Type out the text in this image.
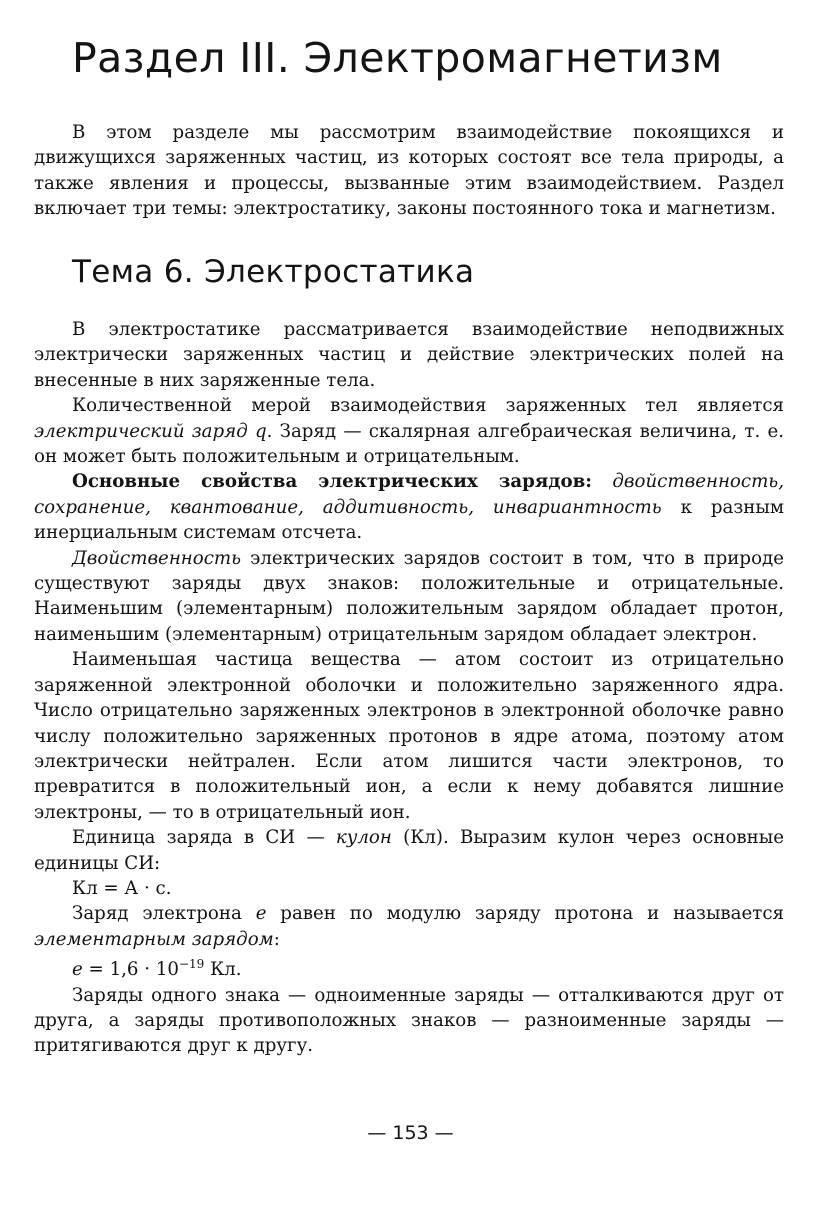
Раздел III. Электромагнетизм

В этом разделе мы рассмотрим взаимодействие покоящихся и движущихся заряженных частиц, из которых состоят все тела природы, а также явления и процессы, вызванные этим взаимодействием. Раздел включает три темы: электростатику, законы постоянного тока и магнетизм.

Тема 6. Электростатика

В электростатике рассматривается взаимодействие неподвижных электрически заряженных частиц и действие электрических полей на внесенные в них заряженные тела.

Количественной мерой взаимодействия заряженных тел является электрический заряд q. Заряд — скалярная алгебраическая величина, т. е. он может быть положительным и отрицательным.

Основные свойства электрических зарядов: двойственность, сохранение, квантование, аддитивность, инвариантность к разным инерциальным системам отсчета.

Двойственность электрических зарядов состоит в том, что в природе существуют заряды двух знаков: положительные и отрицательные. Наименьшим (элементарным) положительным зарядом обладает протон, наименьшим (элементарным) отрицательным зарядом обладает электрон.

Наименьшая частица вещества — атом состоит из отрицательно заряженной электронной оболочки и положительно заряженного ядра. Число отрицательно заряженных электронов в электронной оболочке равно числу положительно заряженных протонов в ядре атома, поэтому атом электрически нейтрален. Если атом лишится части электронов, то превратится в положительный ион, а если к нему добавятся лишние электроны, — то в отрицательный ион.

Единица заряда в СИ — кулон (Кл). Выразим кулон через основные единицы СИ:

Кл = А · с.

Заряд электрона e равен по модулю заряду протона и называется элементарным зарядом:

$e = 1,6 \cdot 10^{-19}$ Кл.

Заряды одного знака — одноименные заряды — отталкиваются друг от друга, а заряды противоположных знаков — разноименные заряды — притягиваются друг к другу.

— 153 —
